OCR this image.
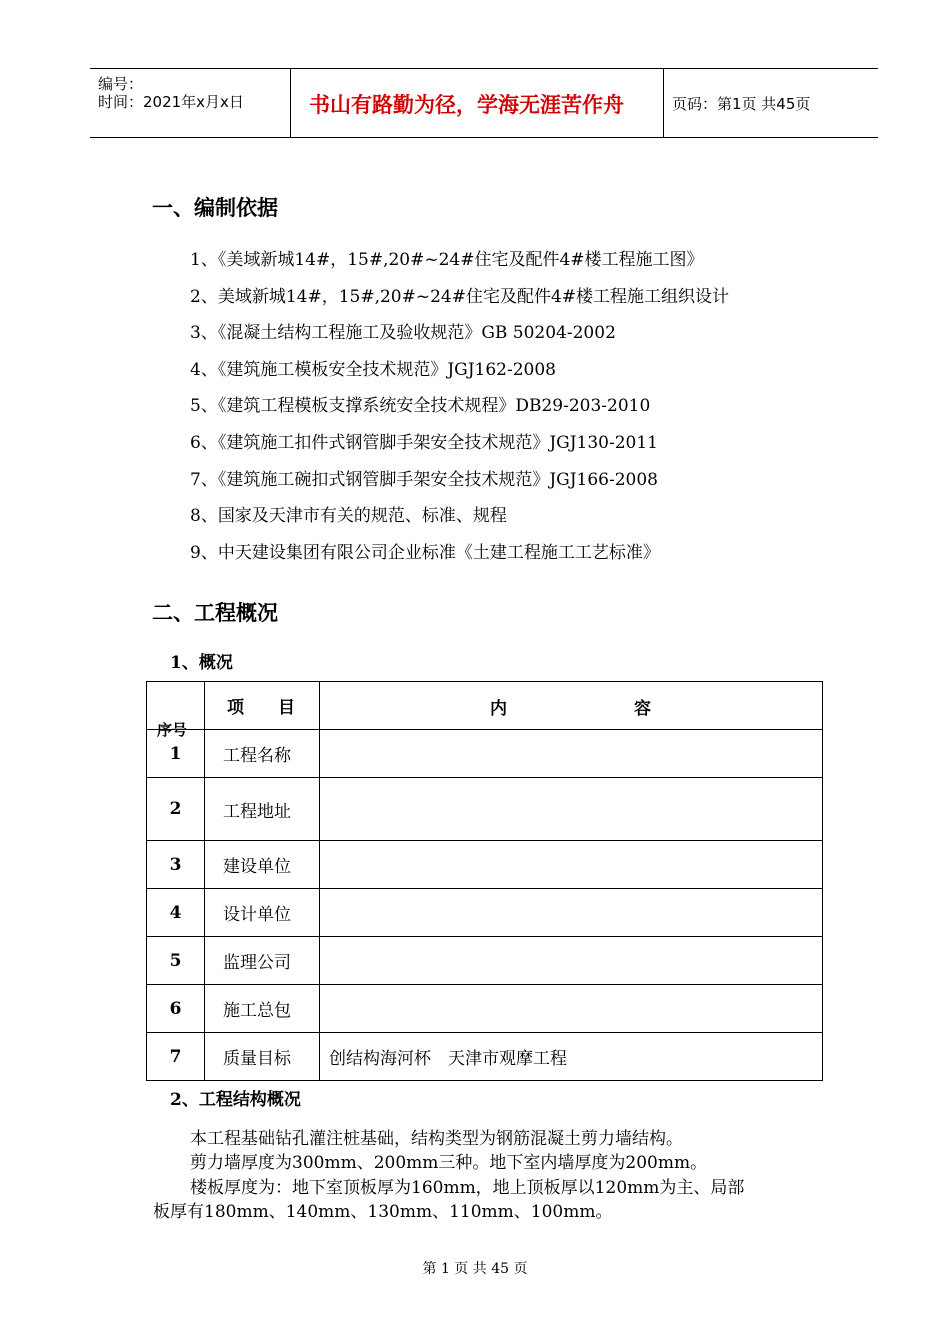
编号：
时间：2021年x月x日	书山有路勤为径，学海无涯苦作舟	页码：第1页 共45页
一、编制依据
1、《美域新城14#，15#,20#~24#住宅及配件4#楼工程施工图》
2、美域新城14#，15#,20#~24#住宅及配件4#楼工程施工组织设计
3、《混凝土结构工程施工及验收规范》GB 50204-2002
4、《建筑施工模板安全技术规范》JGJ162-2008
5、《建筑工程模板支撑系统安全技术规程》DB29-203-2010
6、《建筑施工扣件式钢管脚手架安全技术规范》JGJ130-2011
7、《建筑施工碗扣式钢管脚手架安全技术规范》JGJ166-2008
8、国家及天津市有关的规范、标准、规程
9、中天建设集团有限公司企业标准《土建工程施工工艺标准》
二、工程概况
1、概况
序号	项　　目	内 容

1	工程名称	
2	工程地址	
3	建设单位	
4	设计单位	
5	监理公司	
6	施工总包	
7	质量目标	创结构海河杯　天津市观摩工程
2、工程结构概况
本工程基础钻孔灌注桩基础，结构类型为钢筋混凝土剪力墙结构。
剪力墙厚度为300mm、200mm三种。地下室内墙厚度为200mm。
楼板厚度为：地下室顶板厚为160mm，地上顶板厚以120mm为主、局部
板厚有180mm、140mm、130mm、110mm、100mm。
第 1 页 共 45 页
